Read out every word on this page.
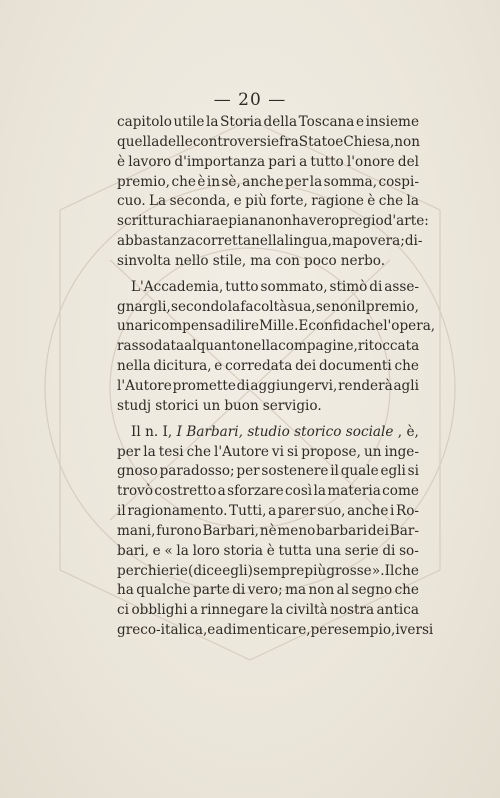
— 20 —
capitolo utile la Storia della Toscana e insieme
quella delle controversie fra Stato e Chiesa, non
è lavoro d'importanza pari a tutto l'onore del
premio, che è in sè, anche per la somma, cospi-
cuo. La seconda, e più forte, ragione è che la
scrittura chiara e piana non ha vero pregio d'arte:
abbastanza corretta nella lingua, ma povera; di-
sinvolta nello stile, ma con poco nerbo.
L'Accademia, tutto sommato, stimò di asse-
gnargli, secondo la facoltà sua, se non il premio,
una ricompensa di lire Mille. E confida che l'opera,
rassodata alquanto nella compagine, ritoccata
nella dicitura, e corredata dei documenti che
l'Autore promette di aggiungervi, renderà agli
studj storici un buon servigio.
Il n. I, I Barbari, studio storico sociale , è,
per la tesi che l'Autore vi si propose, un inge-
gnoso paradosso; per sostenere il quale egli si
trovò costretto a sforzare così la materia come
il ragionamento. Tutti, a parer suo, anche i Ro-
mani, furono Barbari, nè meno barbari dei Bar-
bari, e « la loro storia è tutta una serie di so-
perchierie (dice egli) sempre più grosse ». Il che
ha qualche parte di vero; ma non al segno che
ci obblighi a rinnegare la civiltà nostra antica
greco-italica, e a dimenticare, per esempio, i versi
